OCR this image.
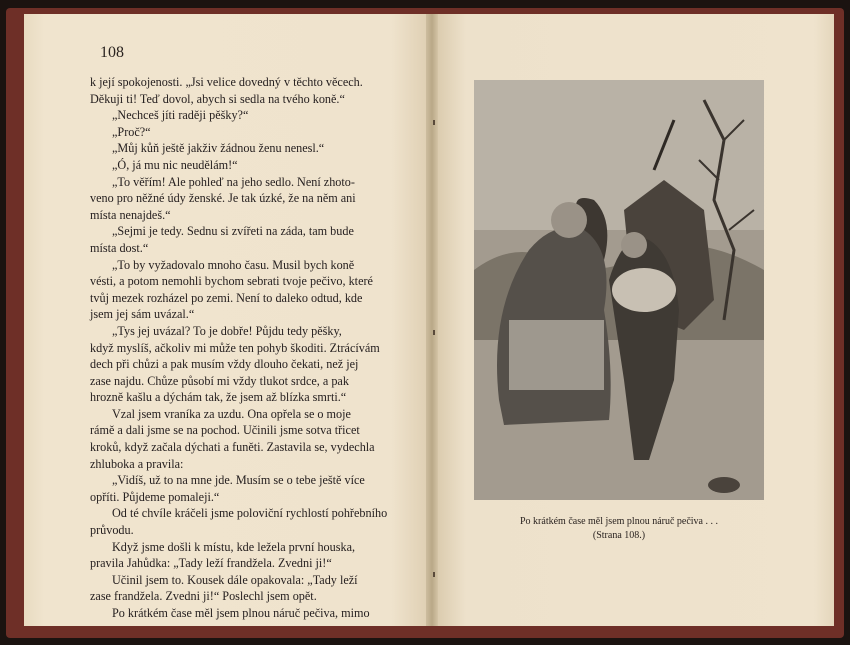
108
k její spokojenosti. „Jsi velice dovedný v těchto věcech.
Děkuji ti! Teď dovol, abych si sedla na tvého koně.“
„Nechceš jíti raději pěšky?“
„Proč?“
„Můj kůň ještě jakživ žádnou ženu nenesl.“
„Ó, já mu nic neudělám!“
„To věřím! Ale pohleď na jeho sedlo. Není zhoto-
veno pro něžné údy ženské. Je tak úzké, že na něm ani
místa nenajdeš.“
„Sejmi je tedy. Sednu si zvířeti na záda, tam bude
místa dost.“
„To by vyžadovalo mnoho času. Musil bych koně
vésti, a potom nemohli bychom sebrati tvoje pečivo, které
tvůj mezek rozházel po zemi. Není to daleko odtud, kde
jsem jej sám uvázal.“
„Tys jej uvázal? To je dobře! Půjdu tedy pěšky,
když myslíš, ačkoliv mi může ten pohyb škoditi. Ztrácívám
dech při chůzi a pak musím vždy dlouho čekati, než jej
zase najdu. Chůze působí mi vždy tlukot srdce, a pak
hrozně kašlu a dýchám tak, že jsem až blízka smrti.“
Vzal jsem vraníka za uzdu. Ona opřela se o moje
rámě a dali jsme se na pochod. Učinili jsme sotva třicet
kroků, když začala dýchati a funěti. Zastavila se, vydechla
zhluboka a pravila:
„Vidíš, už to na mne jde. Musím se o tebe ještě více
opříti. Půjdeme pomaleji.“
Od té chvíle kráčeli jsme poloviční rychlostí pohřebního
průvodu.
Když jsme došli k místu, kde ležela první houska,
pravila Jahůdka: „Tady leží frandžela. Zvedni ji!“
Učinil jsem to. Kousek dále opakovala: „Tady leží
zase frandžela. Zvedni ji!“ Poslechl jsem opět.
Po krátkém čase měl jsem plnou náruč pečiva, mimo
Po krátkém čase měl jsem plnou náruč pečiva . . .
(Strana 108.)
